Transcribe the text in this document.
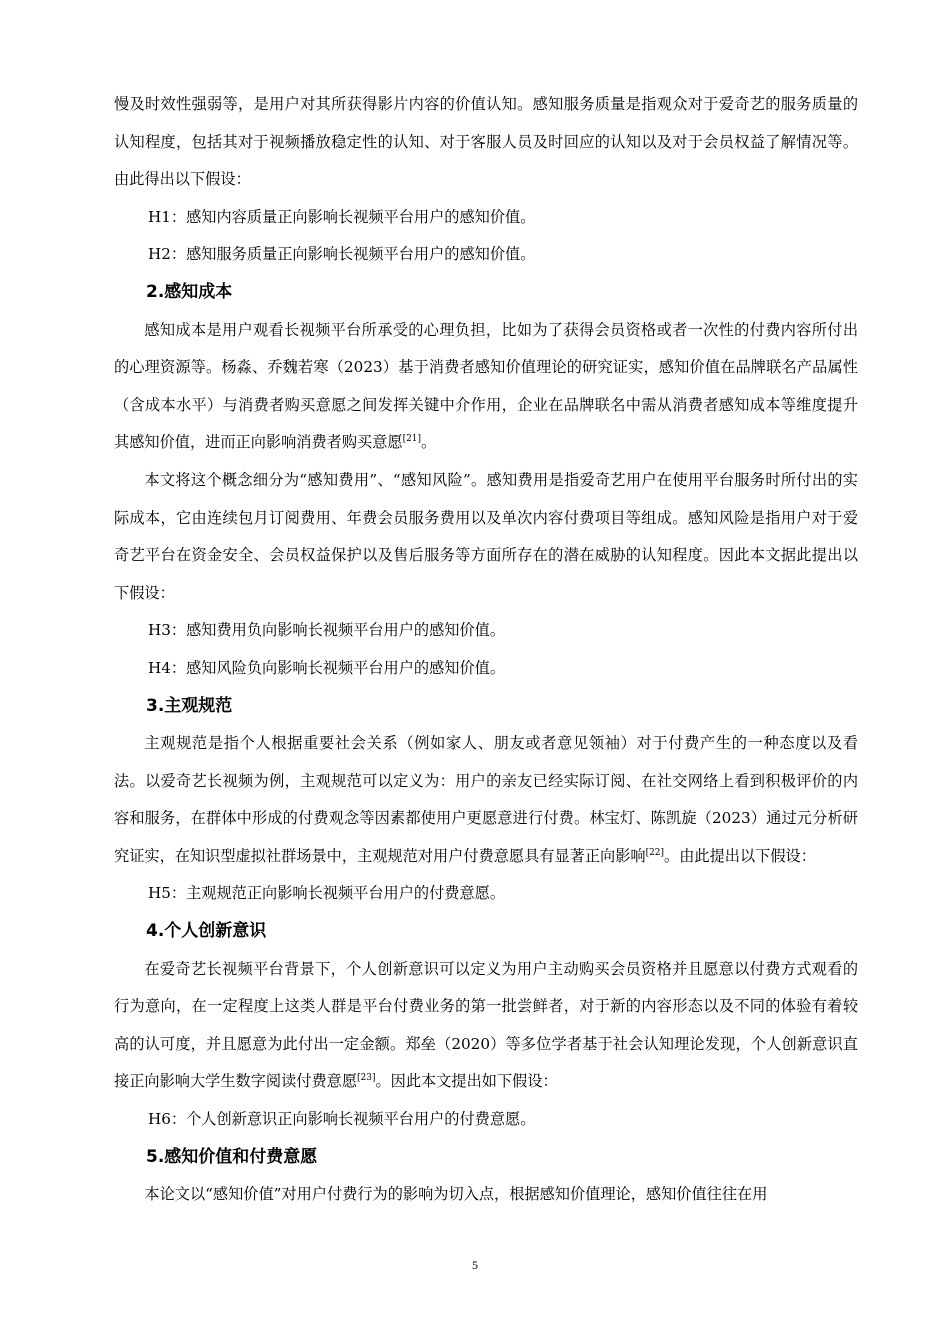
慢及时效性强弱等，是用户对其所获得影片内容的价值认知。感知服务质量是指观众对于爱奇艺的服务质量的认知程度，包括其对于视频播放稳定性的认知、对于客服人员及时回应的认知以及对于会员权益了解情况等。由此得出以下假设：

H1：感知内容质量正向影响长视频平台用户的感知价值。

H2：感知服务质量正向影响长视频平台用户的感知价值。

2.感知成本

感知成本是用户观看长视频平台所承受的心理负担，比如为了获得会员资格或者一次性的付费内容所付出的心理资源等。杨淼、乔魏若寒（2023）基于消费者感知价值理论的研究证实，感知价值在品牌联名产品属性（含成本水平）与消费者购买意愿之间发挥关键中介作用，企业在品牌联名中需从消费者感知成本等维度提升其感知价值，进而正向影响消费者购买意愿[21]。

本文将这个概念细分为“感知费用”、“感知风险”。感知费用是指爱奇艺用户在使用平台服务时所付出的实际成本，它由连续包月订阅费用、年费会员服务费用以及单次内容付费项目等组成。感知风险是指用户对于爱奇艺平台在资金安全、会员权益保护以及售后服务等方面所存在的潜在威胁的认知程度。因此本文据此提出以下假设：

H3：感知费用负向影响长视频平台用户的感知价值。

H4：感知风险负向影响长视频平台用户的感知价值。

3.主观规范

主观规范是指个人根据重要社会关系（例如家人、朋友或者意见领袖）对于付费产生的一种态度以及看法。以爱奇艺长视频为例，主观规范可以定义为：用户的亲友已经实际订阅、在社交网络上看到积极评价的内容和服务，在群体中形成的付费观念等因素都使用户更愿意进行付费。林宝灯、陈凯旋（2023）通过元分析研究证实，在知识型虚拟社群场景中，主观规范对用户付费意愿具有显著正向影响[22]。由此提出以下假设：

H5：主观规范正向影响长视频平台用户的付费意愿。

4.个人创新意识

在爱奇艺长视频平台背景下，个人创新意识可以定义为用户主动购买会员资格并且愿意以付费方式观看的行为意向，在一定程度上这类人群是平台付费业务的第一批尝鲜者，对于新的内容形态以及不同的体验有着较高的认可度，并且愿意为此付出一定金额。郑垒（2020）等多位学者基于社会认知理论发现，个人创新意识直接正向影响大学生数字阅读付费意愿[23]。因此本文提出如下假设：

H6：个人创新意识正向影响长视频平台用户的付费意愿。

5.感知价值和付费意愿

本论文以“感知价值”对用户付费行为的影响为切入点，根据感知价值理论，感知价值往往在用

5
